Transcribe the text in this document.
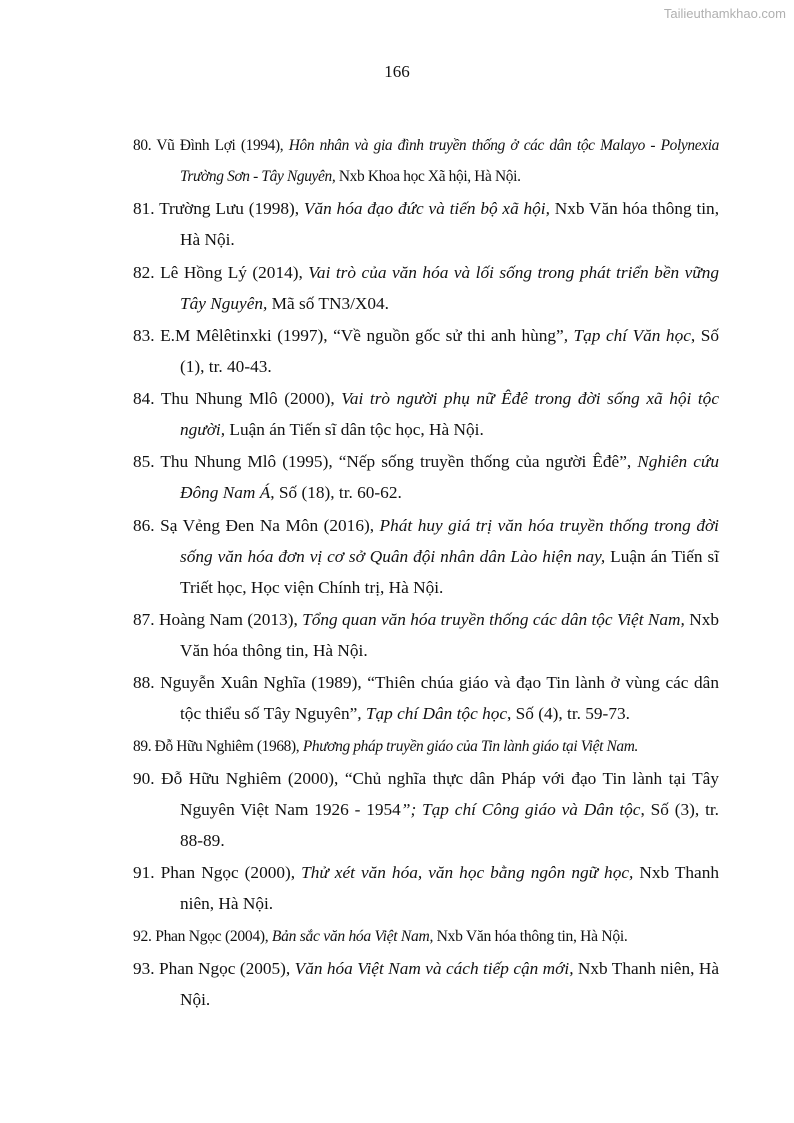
Tailieuthamkhao.com
166
80. Vũ Đình Lợi (1994), Hôn nhân và gia đình truyền thống ở các dân tộc Malayo - Polynexia Trường Sơn - Tây Nguyên, Nxb Khoa học Xã hội, Hà Nội.
81. Trường Lưu (1998), Văn hóa đạo đức và tiến bộ xã hội, Nxb Văn hóa thông tin, Hà Nội.
82. Lê Hồng Lý (2014), Vai trò của văn hóa và lối sống trong phát triển bền vững Tây Nguyên, Mã số TN3/X04.
83. E.M Mêlêtinxki (1997), “Về nguồn gốc sử thi anh hùng”, Tạp chí Văn học, Số (1), tr. 40-43.
84. Thu Nhung Mlô (2000), Vai trò người phụ nữ Êđê trong đời sống xã hội tộc người, Luận án Tiến sĩ dân tộc học, Hà Nội.
85. Thu Nhung Mlô (1995), “Nếp sống truyền thống của người Êđê”, Nghiên cứu Đông Nam Á, Số (18), tr. 60-62.
86. Sạ Vẻng Đen Na Môn (2016), Phát huy giá trị văn hóa truyền thống trong đời sống văn hóa đơn vị cơ sở Quân đội nhân dân Lào hiện nay, Luận án Tiến sĩ Triết học, Học viện Chính trị, Hà Nội.
87. Hoàng Nam (2013), Tổng quan văn hóa truyền thống các dân tộc Việt Nam, Nxb Văn hóa thông tin, Hà Nội.
88. Nguyễn Xuân Nghĩa (1989), “Thiên chúa giáo và đạo Tin lành ở vùng các dân tộc thiểu số Tây Nguyên”, Tạp chí Dân tộc học, Số (4), tr. 59-73.
89. Đỗ Hữu Nghiêm (1968), Phương pháp truyền giáo của Tin lành giáo tại Việt Nam.
90. Đỗ Hữu Nghiêm (2000), “Chủ nghĩa thực dân Pháp với đạo Tin lành tại Tây Nguyên Việt Nam 1926 - 1954”; Tạp chí Công giáo và Dân tộc, Số (3), tr. 88-89.
91. Phan Ngọc (2000), Thử xét văn hóa, văn học bằng ngôn ngữ học, Nxb Thanh niên, Hà Nội.
92. Phan Ngọc (2004), Bản sắc văn hóa Việt Nam, Nxb Văn hóa thông tin, Hà Nội.
93. Phan Ngọc (2005), Văn hóa Việt Nam và cách tiếp cận mới, Nxb Thanh niên, Hà Nội.
